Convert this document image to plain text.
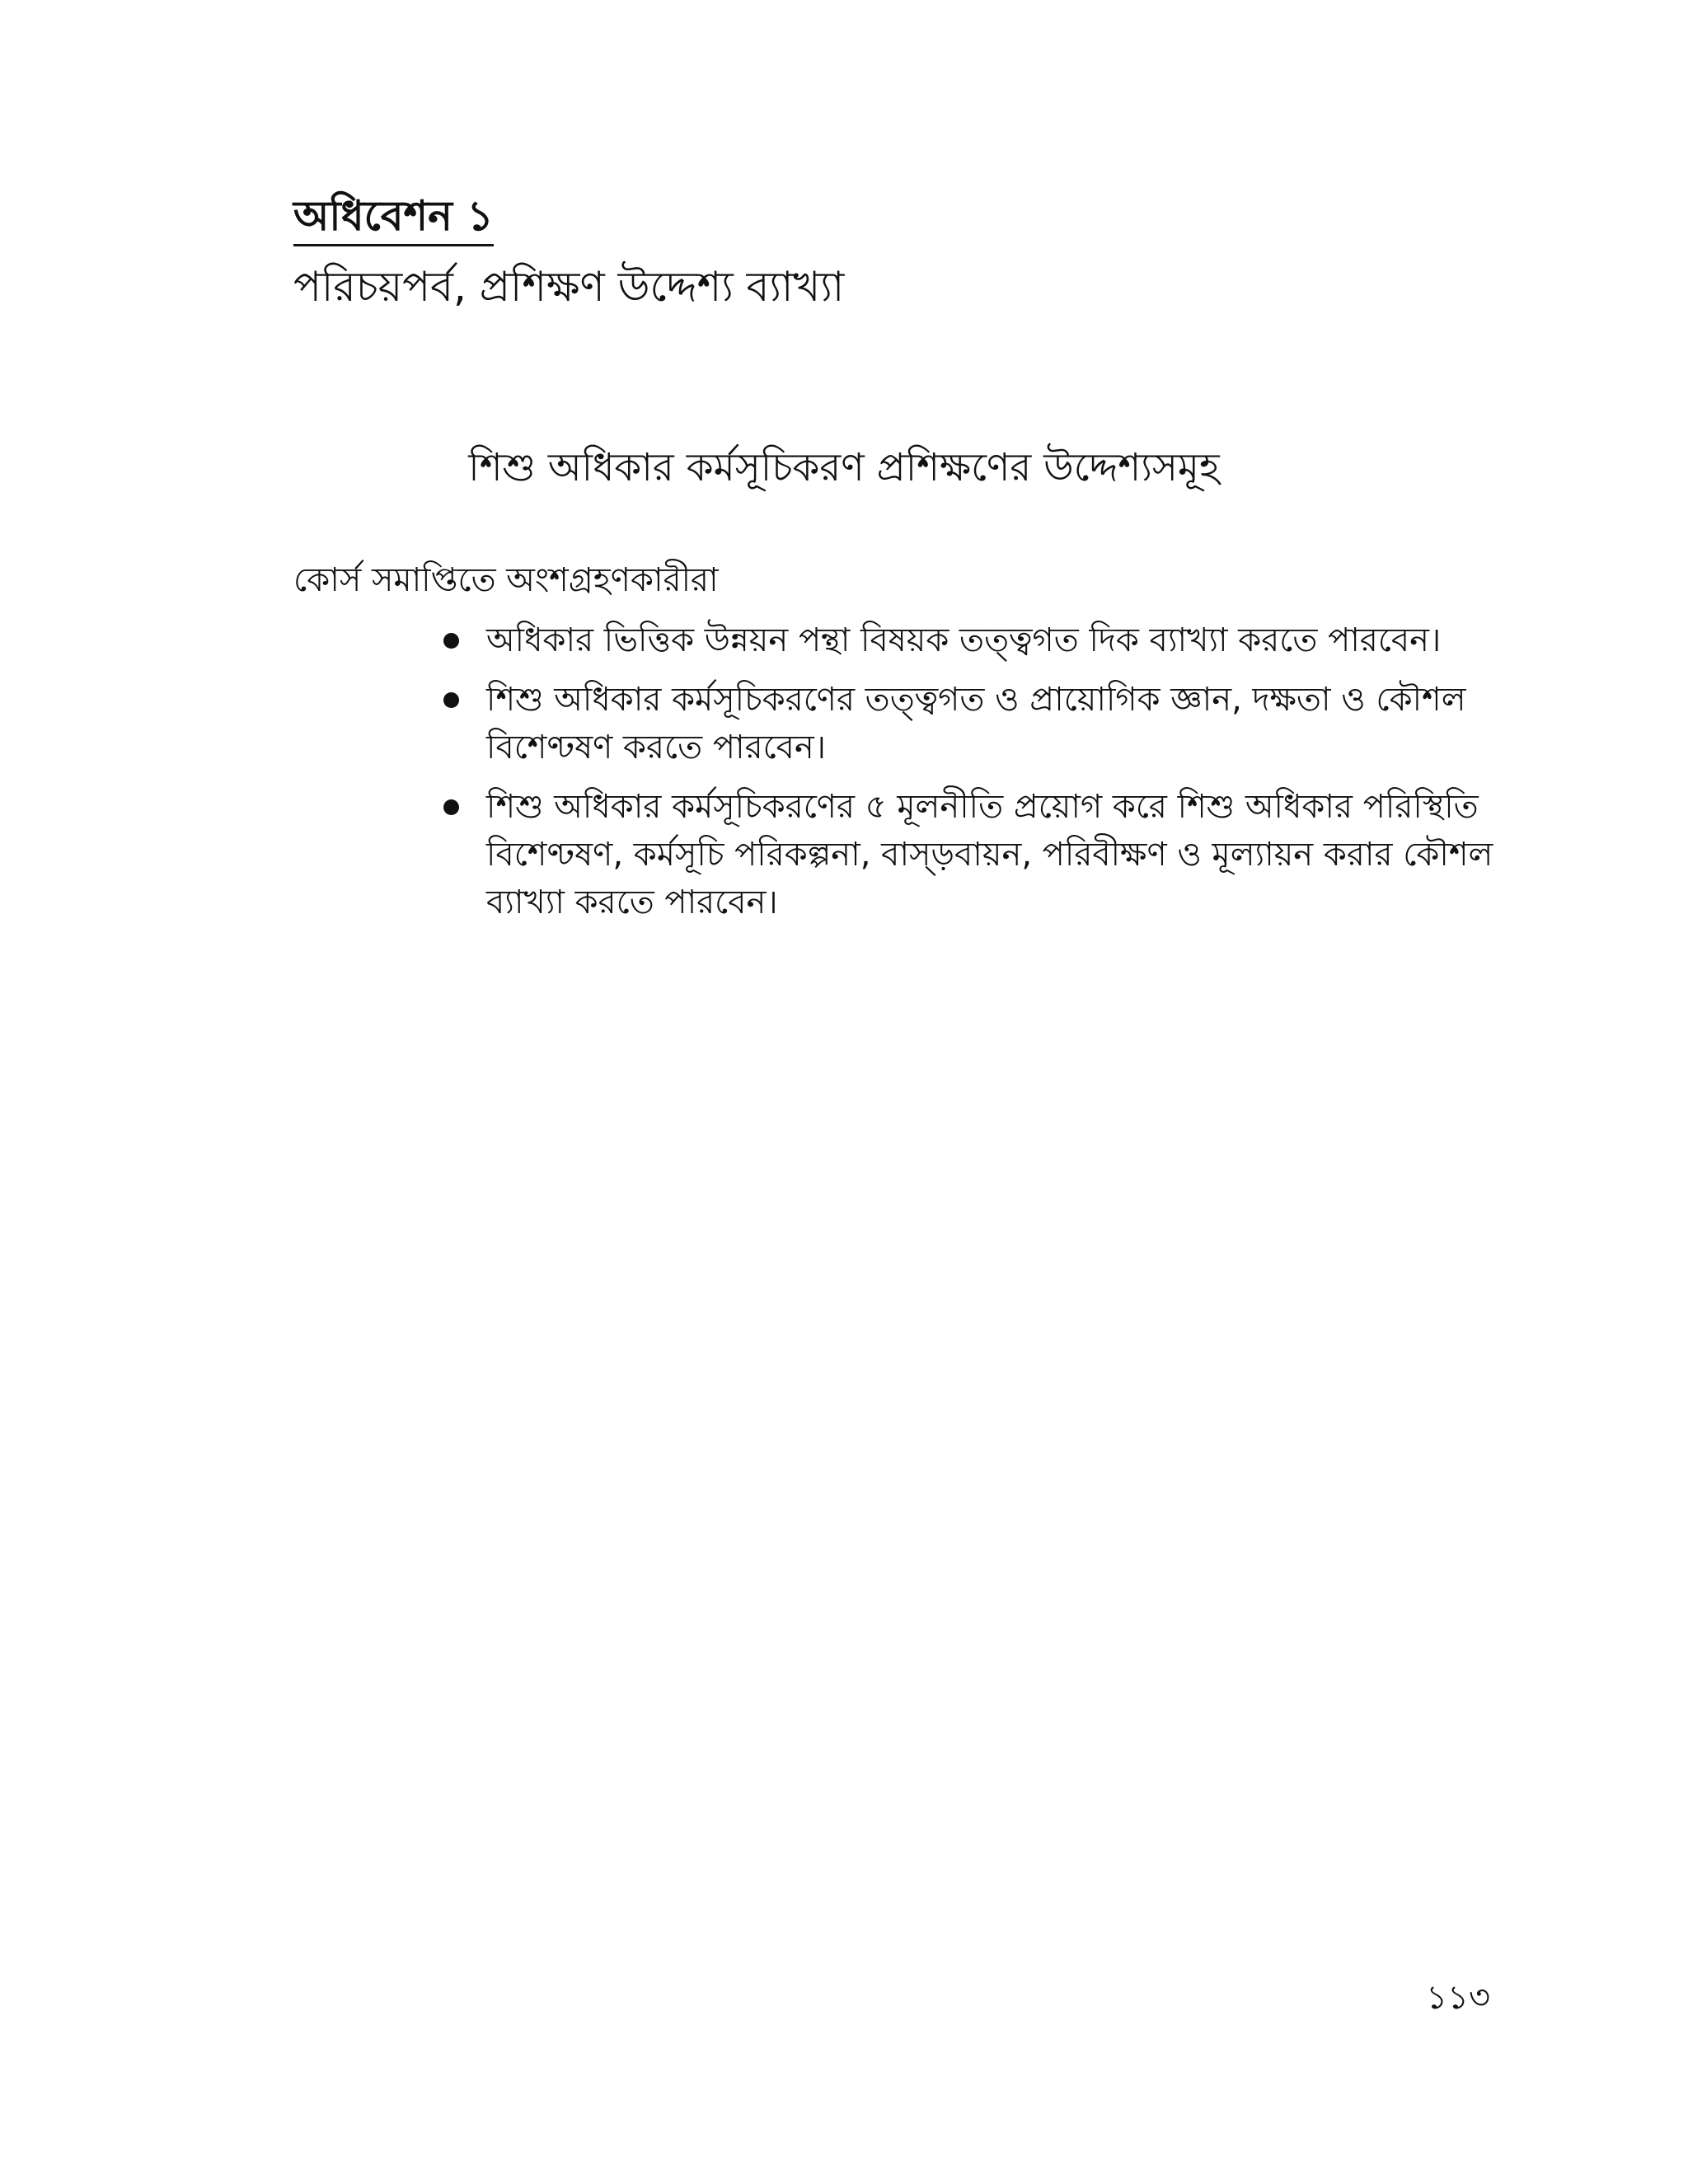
অধিবেশন ১
পরিচয়পর্ব, প্রশিক্ষণ উদ্দেশ্য ব্যাখ্যা
শিশু অধিকার কর্মসূচিকরণ প্রশিক্ষণের উদ্দেশ্যসমূহ

কোর্স সমাপ্তিতে অংশগ্রহণকারীরা

অধিকার ভিত্তিক উন্নয়ন পন্থা বিষয়ক তত্ত্বগত দিক ব্যাখ্যা করতে পারবেন।
শিশু অধিকার কর্মসূচিকরণের তত্ত্বগত ও প্রায়োগিক জ্ঞান, দক্ষতা ও কৌশল বিশেণ্ঢষণ করতে পারবেন।
শিশু অধিকার কর্মসূচিকরণের ৫ মূলনীতি প্রয়োগ করে শিশু অধিকার পরিস্থিতি বিশেণ্ঢষণ, কর্মসূচি পরিকল্পনা, বাস্ড়বায়ন, পরিবীক্ষণ ও মূল্যায়ন করার কৌশল ব্যাখ্যা করতে পারবেন।

১১৩
